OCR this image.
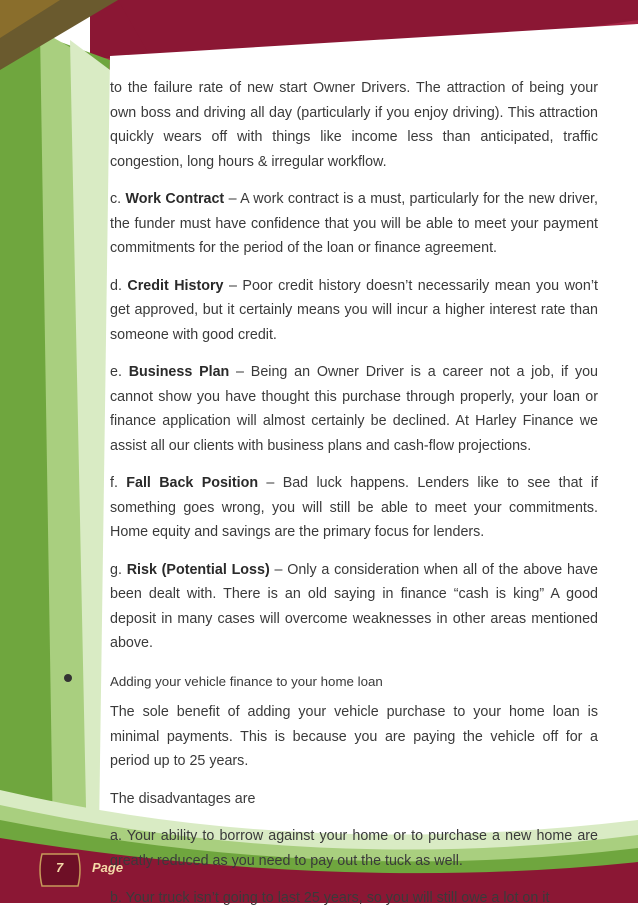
to the failure rate of new start Owner Drivers. The attraction of being your own boss and driving all day (particularly if you enjoy driving). This attraction quickly wears off with things like income less than anticipated, traffic congestion, long hours & irregular workflow.

c. Work Contract – A work contract is a must, particularly for the new driver, the funder must have confidence that you will be able to meet your payment commitments for the period of the loan or finance agreement.

d. Credit History – Poor credit history doesn’t necessarily mean you won’t get approved, but it certainly means you will incur a higher interest rate than someone with good credit.

e. Business Plan – Being an Owner Driver is a career not a job, if you cannot show you have thought this purchase through properly, your loan or finance application will almost certainly be declined. At Harley Finance we assist all our clients with business plans and cash-flow projections.

f. Fall Back Position – Bad luck happens. Lenders like to see that if something goes wrong, you will still be able to meet your commitments. Home equity and savings are the primary focus for lenders.

g. Risk (Potential Loss) – Only a consideration when all of the above have been dealt with. There is an old saying in finance “cash is king” A good deposit in many cases will overcome weaknesses in other areas mentioned above.

Adding your vehicle finance to your home loan

The sole benefit of adding your vehicle purchase to your home loan is minimal payments. This is because you are paying the vehicle off for a period up to 25 years.

The disadvantages are

a. Your ability to borrow against your home or to purchase a new home are greatly reduced as you need to pay out the tuck as well.

b. Your truck isn’t going to last 25 years, so you will still owe a lot on it

7 Page
